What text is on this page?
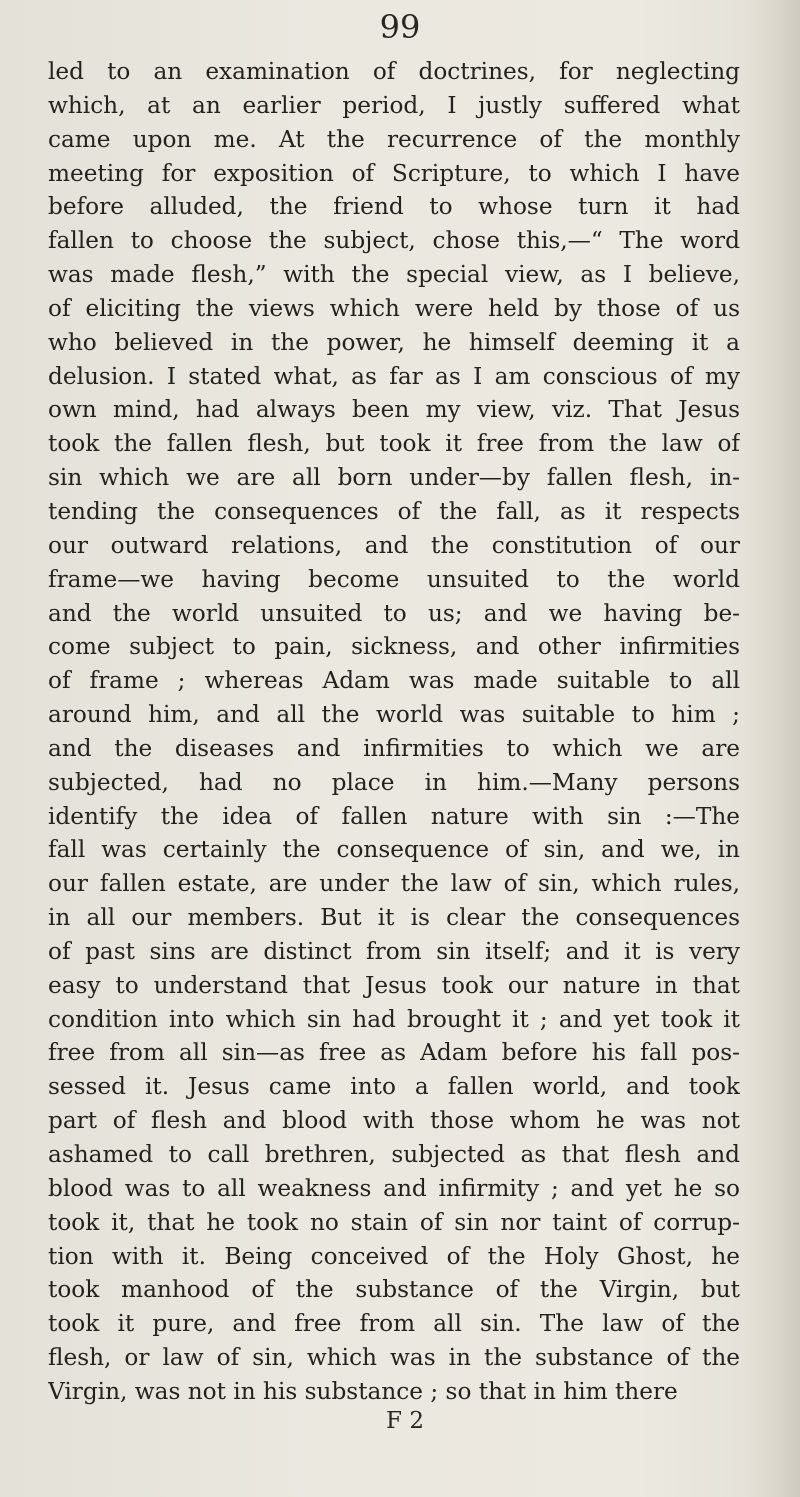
99

led to an examination of doctrines, for neglecting
which, at an earlier period, I justly suffered what
came upon me. At the recurrence of the monthly
meeting for exposition of Scripture, to which I have
before alluded, the friend to whose turn it had
fallen to choose the subject, chose this,—“ The word
was made flesh,” with the special view, as I believe,
of eliciting the views which were held by those of us
who believed in the power, he himself deeming it a
delusion. I stated what, as far as I am conscious of my
own mind, had always been my view, viz. That Jesus
took the fallen flesh, but took it free from the law of
sin which we are all born under—by fallen flesh, in-
tending the consequences of the fall, as it respects
our outward relations, and the constitution of our
frame—we having become unsuited to the world
and the world unsuited to us; and we having be-
come subject to pain, sickness, and other infirmities
of frame ; whereas Adam was made suitable to all
around him, and all the world was suitable to him ;
and the diseases and infirmities to which we are
subjected, had no place in him.—Many persons
identify the idea of fallen nature with sin :—The
fall was certainly the consequence of sin, and we, in
our fallen estate, are under the law of sin, which rules,
in all our members. But it is clear the consequences
of past sins are distinct from sin itself; and it is very
easy to understand that Jesus took our nature in that
condition into which sin had brought it ; and yet took it
free from all sin—as free as Adam before his fall pos-
sessed it. Jesus came into a fallen world, and took
part of flesh and blood with those whom he was not
ashamed to call brethren, subjected as that flesh and
blood was to all weakness and infirmity ; and yet he so
took it, that he took no stain of sin nor taint of corrup-
tion with it. Being conceived of the Holy Ghost, he
took manhood of the substance of the Virgin, but
took it pure, and free from all sin. The law of the
flesh, or law of sin, which was in the substance of the
Virgin, was not in his substance ; so that in him there

F 2
